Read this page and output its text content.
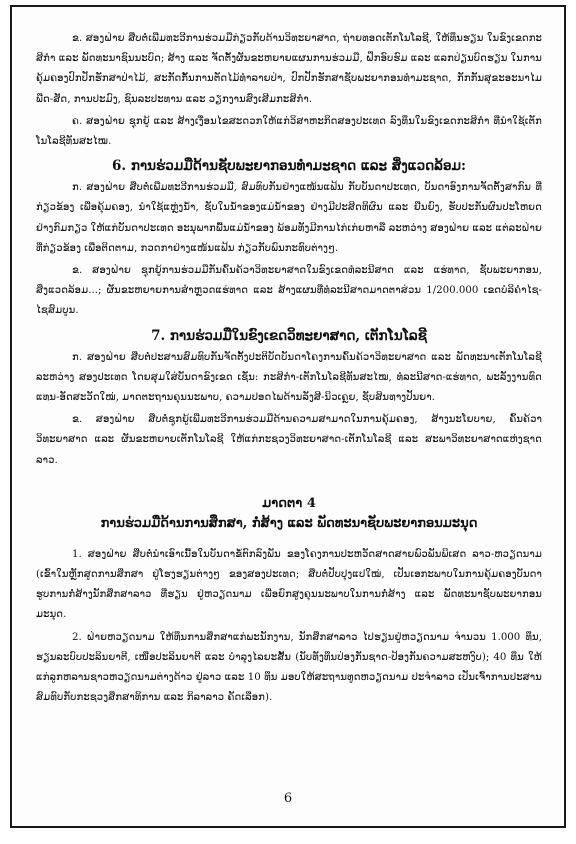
ຂ. ສອງຝ່າຍ ສືບຕໍ່ເພີ່ມທະວີການຮ່ວມມືກ່ຽວກັບດ້ານວິທະຍາສາດ, ຖ່າຍທອດເຕັກໂນໂລຊີ, ໃຫ້ທຶນຮຽນ ໃນຂົງເຂດກະສິກໍາ ແລະ ພັດທະນາຊົນນະບົດ; ສ້າງ ແລະ ຈັດຕັ້ງຜັນຂະຫຍາຍແຜນການຮ່ວມມື, ຝຶກອົບຮົມ ແລະ ແລກປ່ຽນບົດຮຽນ ໃນການຄຸ້ມຄອງປົກປັກຮັກສາປ່າໄມ້, ສະກັດກັ້ນການຕັດໄມ້ທໍາລາຍປ່າ, ປົກປັກຮັກສາຊັບພະຍາກອນທໍາມະຊາດ, ກັກກັນສຸຂະອະນາໄມພືດ-ສັດ, ການປະມົງ, ຊົນລະປະທານ ແລະ ວຽກງານສົ່ງເສີມກະສິກໍາ.

ຄ. ສອງຝ່າຍ ຊຸກຍູ້ ແລະ ສ້າງເງື່ອນໄຂສະດວກໃຫ້ແກ່ວິສາຫະກິດສອງປະເທດ ລົງທຶນໃນຂົງເຂດກະສິກໍາ ທີ່ນໍາໃຊ້ເຕັກໂນໂລຊີທັນສະໄໝ.

6. ການຮ່ວມມືດ້ານຊັບພະຍາກອນທໍາມະຊາດ ແລະ ສິ່ງແວດລ້ອມ:

ກ. ສອງຝ່າຍ ສືບຕໍ່ເພີ່ມທະວີການຮ່ວມມື, ສົມທົບກັນຢ່າງແໜ້ນແຟ້ນ ກັບບັນດາປະເທດ, ບັນດາອົງການຈັດຕັ້ງສາກົນ ທີ່ກ່ຽວຂ້ອງ ເພື່ອຄຸ້ມຄອງ, ນໍາໃຊ້ແຫຼ່ງນໍ້າ, ຊັບໃນນໍ້າຂອງແມ່ນໍ້າຂອງ ຢ່າງມີປະສິດທິຜົນ ແລະ ຍືນຍົງ, ຮັບປະກັນຜົນປະໂຫຍດຢ່າງກົມກຽວ ໃຫ້ແກ່ບັນດາປະເທດ ອະນຸພາກພື້ນແມ່ນໍ້າຂອງ ພ້ອມທັງມີການໄກ່ເກ່ຍຫາລື ລະຫວ່າງ ສອງຝ່າຍ ແລະ ແຕ່ລະຝ່າຍ ທີ່ກ່ຽວຂ້ອງ ເພື່ອຕິດຕາມ, ກວດກາຢ່າງແໜ້ນແຟ້ນ ກ່ຽວກັບພົນກະທົບຕ່າງໆ.

ຂ. ສອງຝ່າຍ ຊຸກຍູ້ການຮ່ວມມືກັນຄົ້ນຄ້ວາວິທະຍາສາດໃນຂົງເຂດທໍລະນີສາດ ແລະ ແຮ່ທາດ, ຊັບພະຍາກອນ, ສິ່ງແວດລ້ອມ...; ຜັນຂະຫຍາຍການສໍາຫຼວດແຮ່ທາດ ແລະ ສ້າງແຜນທີ່ທໍລະນີສາດມາດຕາສ່ວນ 1/200.000 ເຂດບໍລິຄໍາໄຊ-ໄຊສົມບູນ.

7. ການຮ່ວມມືໃນຂົງເຂດວິທະຍາສາດ, ເຕັກໂນໂລຊີ

ກ. ສອງຝ່າຍ ສືບຕໍ່ປະສານສົມທົບກັນຈັດຕັ້ງປະຕິບັດບັນດາໂຄງການຄົ້ນຄ້ວາວິທະຍາສາດ ແລະ ພັດທະນາເຕັກໂນໂລຊີ ລະຫວ່າງ ສອງປະເທດ ໂດຍສຸມໃສ່ບັນດາຂົງເຂດ ເຊັ່ນ: ກະສິກໍາ-ເຕັກໂນໂລຊີທັນສະໄໝ, ທໍລະນີສາດ-ແຮ່ທາດ, ພະລັງງານທົດແທນ-ອັດສະວັດໃໝ່, ມາດຕະຖານຄຸນນະພາບ, ຄວາມປອດໄພດ້ານລັງສີ-ນິວເຄຼຍ, ຊັບສິນທາງປັນຍາ.

ຂ. ສອງຝ່າຍ ສືບຕໍ່ຊຸກຍູ້ເພີ່ມທະວີການຮ່ວມມືດ້ານຄວາມສາມາດໃນການຄຸ້ມຄອງ, ສ້າງນະໂຍບາຍ, ຄົ້ນຄ້ວາວິທະຍາສາດ ແລະ ຜັນຂະຫຍາຍເຕັກໂນໂລຊີ ໃຫ້ແກ່ກະຊວງວິທະຍາສາດ-ເຕັກໂນໂລຊີ ແລະ ສະພາວິທະຍາສາດແຫ່ງຊາດລາວ.

ມາດຕາ 4
ການຮ່ວມມືດ້ານການສຶກສາ, ກໍ່ສ້າງ ແລະ ພັດທະນາຊັບພະຍາກອນມະນຸດ

1. ສອງຝ່າຍ ສືບຕໍ່ນໍາເອົາເນື້ອໃນບັນດາຂໍ້ຕົກລົງພັນ ຂອງໂຄງການປະຫວັດສາດສາຍພົວພັນພິເສດ ລາວ-ຫວຽດນາມ (ເຂົ້າໃນຫຼັກສູດການສຶກສາ ຢູ່ໂຮງຮຽນຕ່າງໆ ຂອງສອງປະເທດ; ສືບຕໍ່ປັບປຸງແປໃໝ່, ເປັນເອກະພາບໃນການຄຸ້ມຄອງບັນດາຮູບການກໍ່ສ້າງນັກສຶກສາລາວ ທີ່ຮຽນ ຢູ່ຫວຽດນາມ ເພື່ອຍົກສູງຄຸນນະພາບໃນການກໍ່ສ້າງ ແລະ ພັດທະນາຊັບພະຍາກອນມະນຸດ.

2. ຝ່າຍຫວຽດນາມ ໃຫ້ທຶນການສຶກສາແກ່ພະນັກງານ, ນັກສຶກສາລາວ ໄປຮຽນຢູ່ຫວຽດນາມ ຈໍານວນ 1.000 ທຶນ, ຮຽນລະບົບປະລິນຍາຕີ, ເໜືອປະລິນຍາຕີ ແລະ ບໍາລຸງໄລຍະສັ້ນ (ນັບທັງທຶນປ່ອງກັນຊາດ-ປ້ອງກັນຄວາມສະຫງົບ); 40 ທຶນ ໃຫ້ແກ່ລູກຫລານຊາວຫວຽດນາມຕ່າງດ້າວ ຢູ່ລາວ ແລະ 10 ທຶນ ມອບໃຫ້ສະຖານທູດຫວຽດນາມ ປະຈໍາລາວ ເປັນເຈົ້າການປະສານສົມທົບກັບກະຊວງສຶກສາທິການ ແລະ ກິລາລາວ ຄັດເລືອກ).

6
